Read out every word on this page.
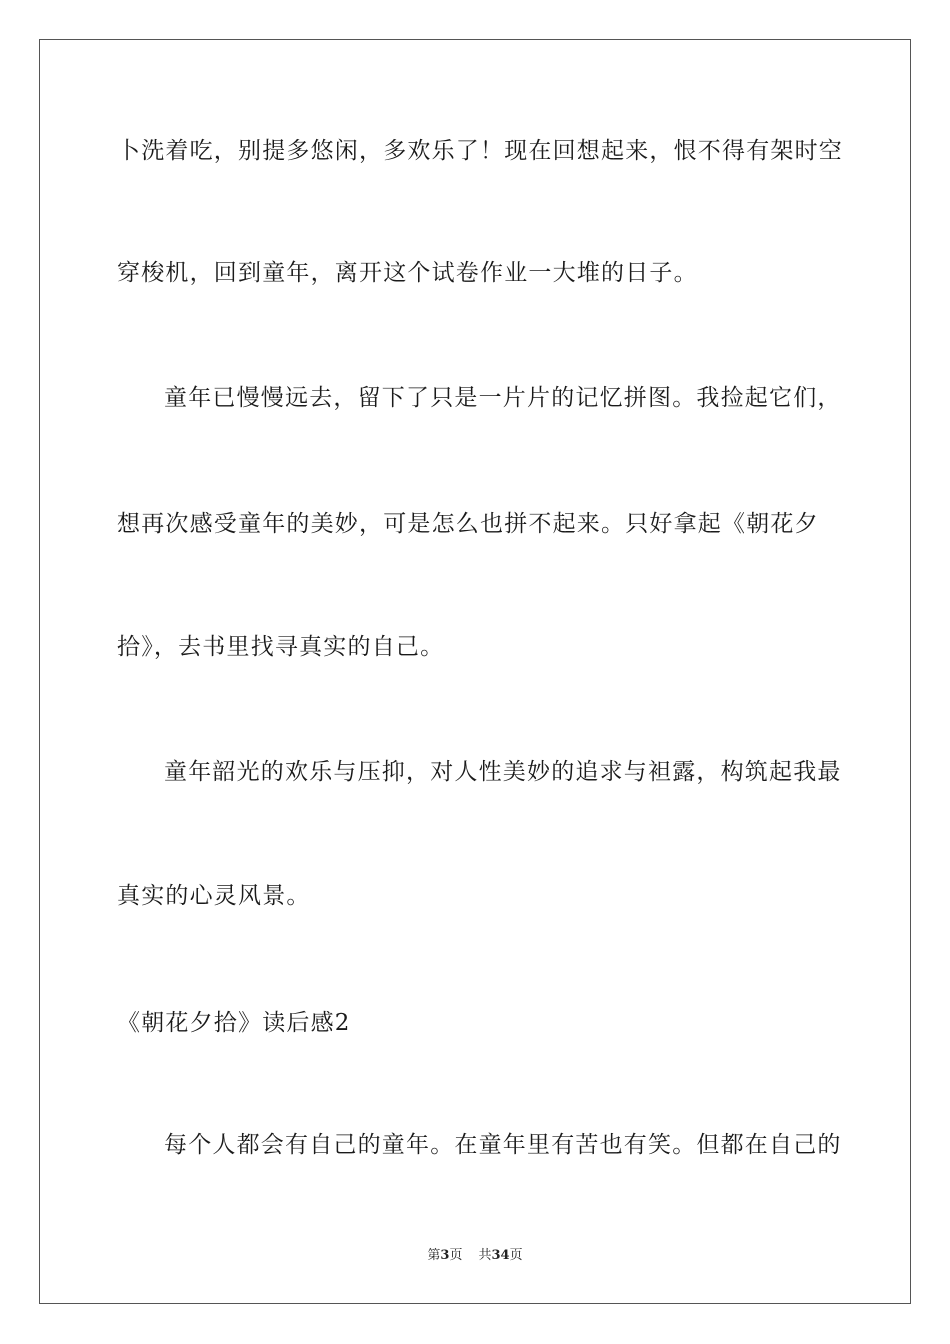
卜洗着吃，别提多悠闲，多欢乐了！现在回想起来，恨不得有架时空
穿梭机，回到童年，离开这个试卷作业一大堆的日子。
童年已慢慢远去，留下了只是一片片的记忆拼图。我捡起它们，
想再次感受童年的美妙，可是怎么也拼不起来。只好拿起《朝花夕
拾》，去书里找寻真实的自己。
童年韶光的欢乐与压抑，对人性美妙的追求与袒露，构筑起我最
真实的心灵风景。
《朝花夕拾》读后感2
每个人都会有自己的童年。在童年里有苦也有笑。但都在自己的
第3页 共34页
